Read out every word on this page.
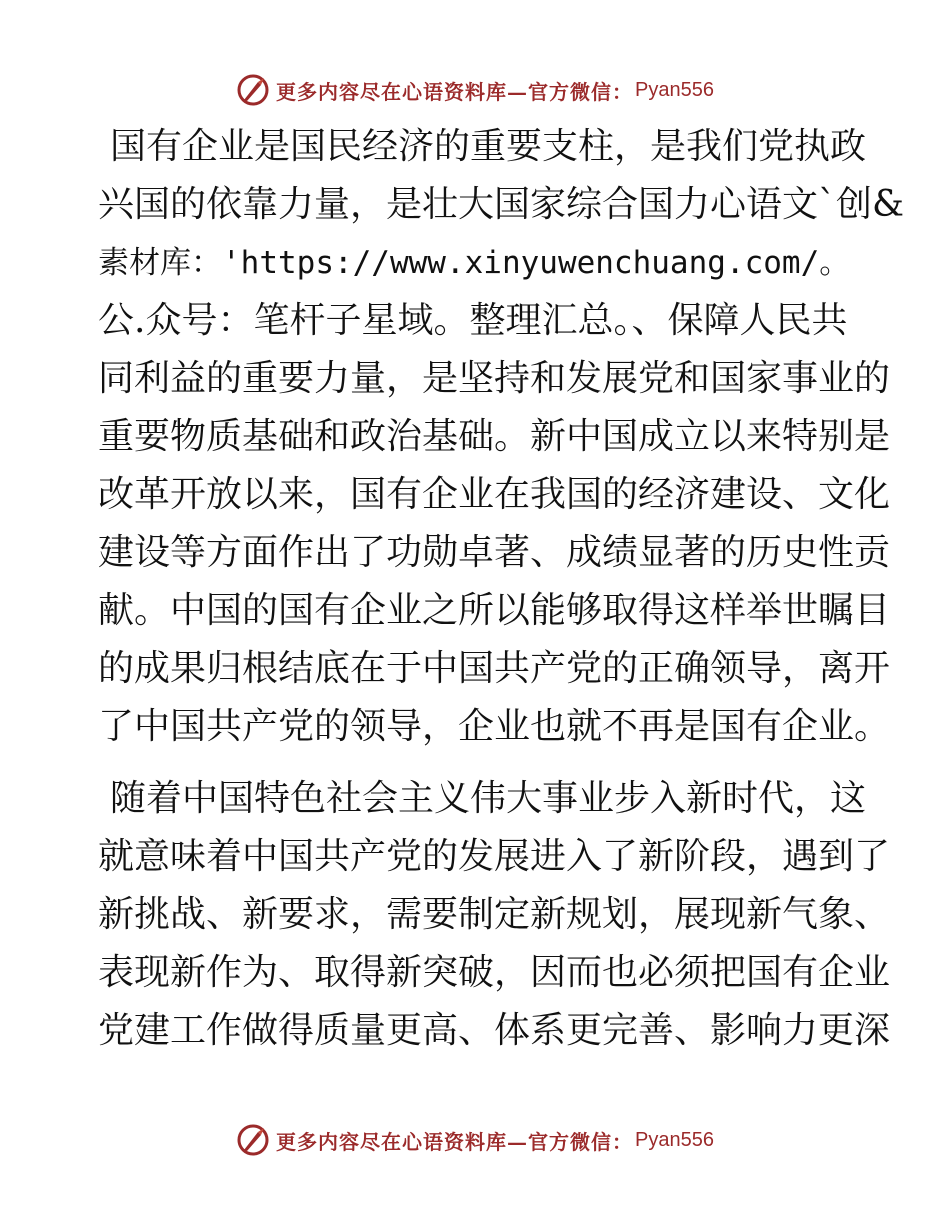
更多内容尽在心语资料库—官方微信： Pyan556
国有企业是国民经济的重要支柱，是我们党执政
兴国的依靠力量，是壮大国家综合国力心语文`创&
素材库：'https://www.xinyuwenchuang.com/。
公.众号：笔杆子星域。整理汇总。、保障人民共
同利益的重要力量，是坚持和发展党和国家事业的
重要物质基础和政治基础。新中国成立以来特别是
改革开放以来，国有企业在我国的经济建设、文化
建设等方面作出了功勋卓著、成绩显著的历史性贡
献。中国的国有企业之所以能够取得这样举世瞩目
的成果归根结底在于中国共产党的正确领导，离开
了中国共产党的领导，企业也就不再是国有企业。
随着中国特色社会主义伟大事业步入新时代，这
就意味着中国共产党的发展进入了新阶段，遇到了
新挑战、新要求，需要制定新规划，展现新气象、
表现新作为、取得新突破，因而也必须把国有企业
党建工作做得质量更高、体系更完善、影响力更深
更多内容尽在心语资料库—官方微信： Pyan556
